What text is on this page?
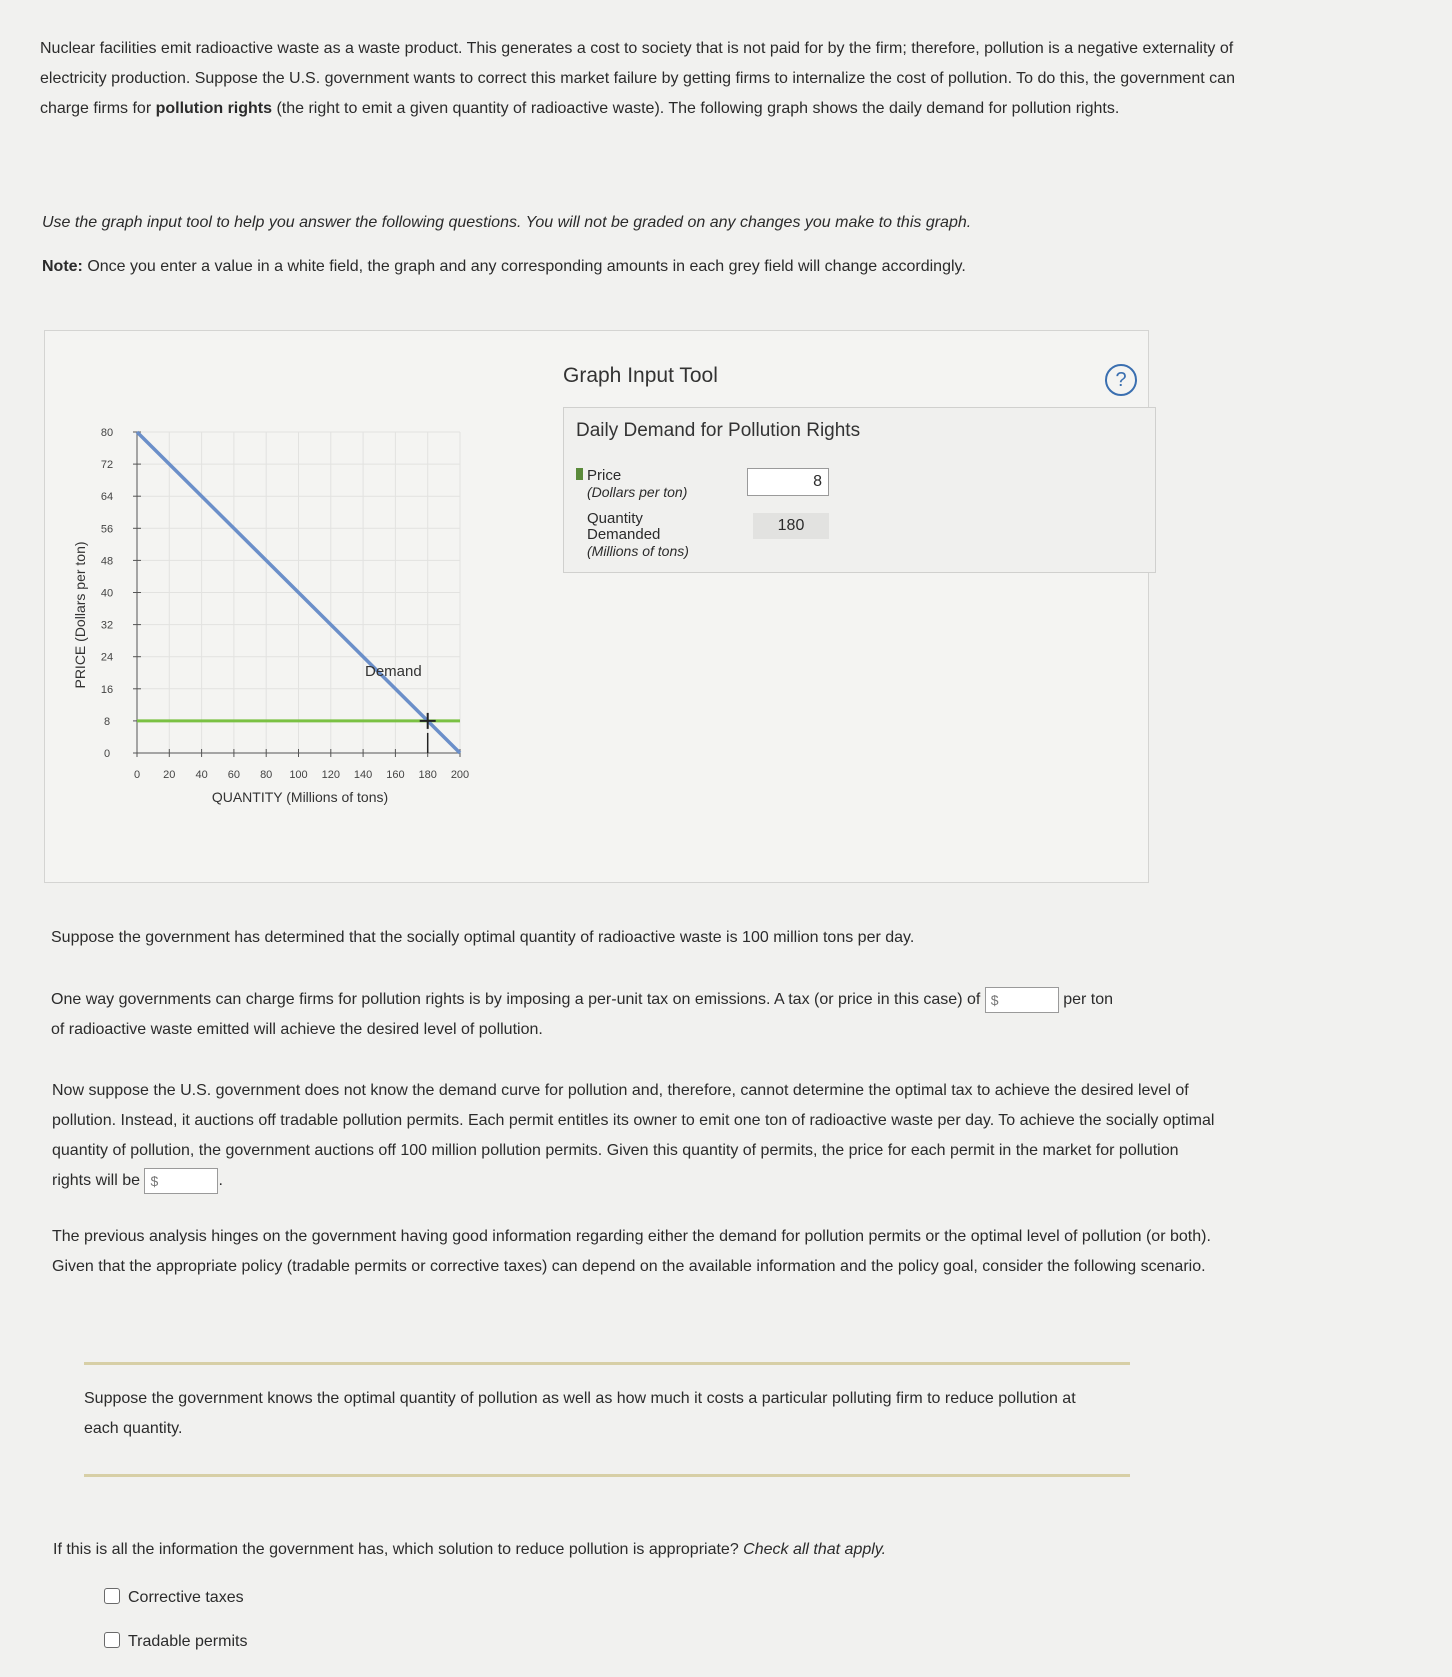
Nuclear facilities emit radioactive waste as a waste product. This generates a cost to society that is not paid for by the firm; therefore, pollution is a negative externality of electricity production. Suppose the U.S. government wants to correct this market failure by getting firms to internalize the cost of pollution. To do this, the government can charge firms for pollution rights (the right to emit a given quantity of radioactive waste). The following graph shows the daily demand for pollution rights.
Use the graph input tool to help you answer the following questions. You will not be graded on any changes you make to this graph.
Note: Once you enter a value in a white field, the graph and any corresponding amounts in each grey field will change accordingly.
0
8
16
24
32
40
48
56
64
72
80
0 20 40 60 80 100 120 140 160 180 200
PRICE (Dollars per ton)
QUANTITY (Millions of tons)
Demand
Graph Input Tool	?
Daily Demand for Pollution Rights
Price
(Dollars per ton)
8
Quantity
Demanded
(Millions of tons)
180
Suppose the government has determined that the socially optimal quantity of radioactive waste is 100 million tons per day.
One way governments can charge firms for pollution rights is by imposing a per-unit tax on emissions. A tax (or price in this case) of $	per ton
of radioactive waste emitted will achieve the desired level of pollution.
Now suppose the U.S. government does not know the demand curve for pollution and, therefore, cannot determine the optimal tax to achieve the desired level of pollution. Instead, it auctions off tradable pollution permits. Each permit entitles its owner to emit one ton of radioactive waste per day. To achieve the socially optimal quantity of pollution, the government auctions off 100 million pollution permits. Given this quantity of permits, the price for each permit in the market for pollution rights will be $	.
The previous analysis hinges on the government having good information regarding either the demand for pollution permits or the optimal level of pollution (or both). Given that the appropriate policy (tradable permits or corrective taxes) can depend on the available information and the policy goal, consider the following scenario.
Suppose the government knows the optimal quantity of pollution as well as how much it costs a particular polluting firm to reduce pollution at each quantity.
If this is all the information the government has, which solution to reduce pollution is appropriate? Check all that apply.
Corrective taxes
Tradable permits
